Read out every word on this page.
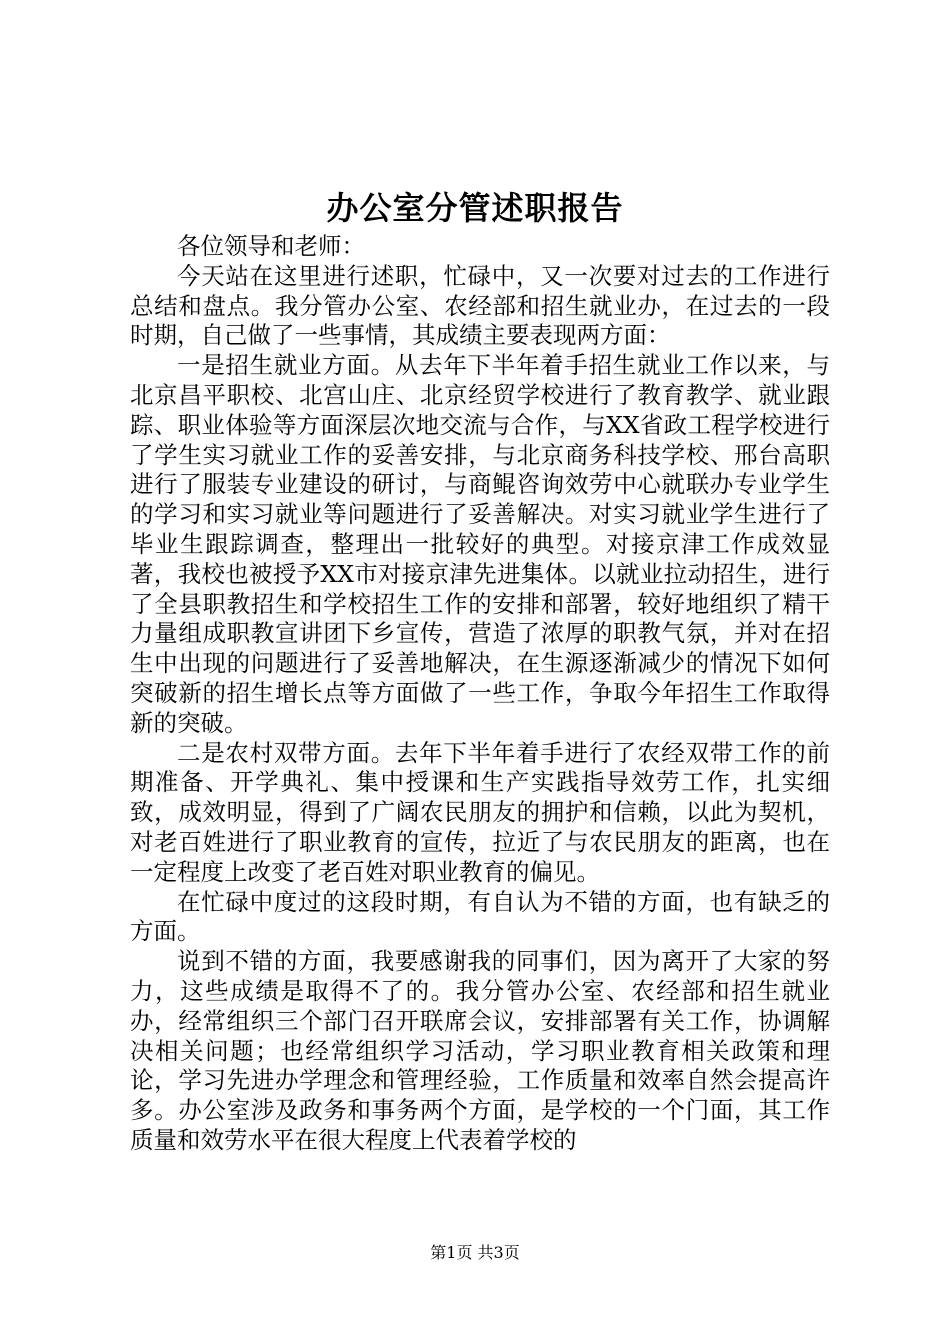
办公室分管述职报告

各位领导和老师：

今天站在这里进行述职，忙碌中，又一次要对过去的工作进行总结和盘点。我分管办公室、农经部和招生就业办，在过去的一段时期，自己做了一些事情，其成绩主要表现两方面：

一是招生就业方面。从去年下半年着手招生就业工作以来，与北京昌平职校、北宫山庄、北京经贸学校进行了教育教学、就业跟踪、职业体验等方面深层次地交流与合作，与XX省政工程学校进行了学生实习就业工作的妥善安排，与北京商务科技学校、邢台高职进行了服装专业建设的研讨，与商鲲咨询效劳中心就联办专业学生的学习和实习就业等问题进行了妥善解决。对实习就业学生进行了毕业生跟踪调查，整理出一批较好的典型。对接京津工作成效显著，我校也被授予XX市对接京津先进集体。以就业拉动招生，进行了全县职教招生和学校招生工作的安排和部署，较好地组织了精干力量组成职教宣讲团下乡宣传，营造了浓厚的职教气氛，并对在招生中出现的问题进行了妥善地解决，在生源逐渐减少的情况下如何突破新的招生增长点等方面做了一些工作，争取今年招生工作取得新的突破。

二是农村双带方面。去年下半年着手进行了农经双带工作的前期准备、开学典礼、集中授课和生产实践指导效劳工作，扎实细致，成效明显，得到了广阔农民朋友的拥护和信赖，以此为契机，对老百姓进行了职业教育的宣传，拉近了与农民朋友的距离，也在一定程度上改变了老百姓对职业教育的偏见。

在忙碌中度过的这段时期，有自认为不错的方面，也有缺乏的方面。

说到不错的方面，我要感谢我的同事们，因为离开了大家的努力，这些成绩是取得不了的。我分管办公室、农经部和招生就业办，经常组织三个部门召开联席会议，安排部署有关工作，协调解决相关问题；也经常组织学习活动，学习职业教育相关政策和理论，学习先进办学理念和管理经验，工作质量和效率自然会提高许多。办公室涉及政务和事务两个方面，是学校的一个门面，其工作质量和效劳水平在很大程度上代表着学校的

第1页 共3页
